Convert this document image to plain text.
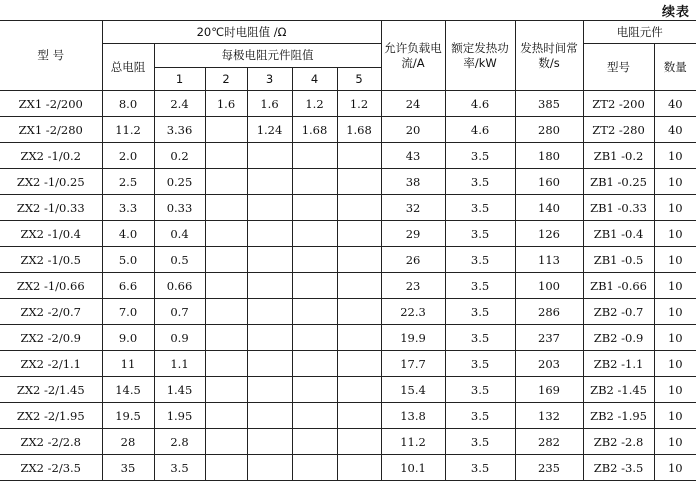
续表
型 号	20℃时电阻值 /Ω						允许负载电流/A	额定发热功率/kW	发热时间常数/s	电阻元件	
	总电阻	每极电阻元件阻值								型号	数量
		1	2	3	4	5					
ZX1 -2/200	8.0	2.4	1.6	1.6	1.2	1.2	24	4.6	385	ZT2 -200	40
ZX1 -2/280	11.2	3.36		1.24	1.68	1.68	20	4.6	280	ZT2 -280	40
ZX2 -1/0.2	2.0	0.2					43	3.5	180	ZB1 -0.2	10
ZX2 -1/0.25	2.5	0.25					38	3.5	160	ZB1 -0.25	10
ZX2 -1/0.33	3.3	0.33					32	3.5	140	ZB1 -0.33	10
ZX2 -1/0.4	4.0	0.4					29	3.5	126	ZB1 -0.4	10
ZX2 -1/0.5	5.0	0.5					26	3.5	113	ZB1 -0.5	10
ZX2 -1/0.66	6.6	0.66					23	3.5	100	ZB1 -0.66	10
ZX2 -2/0.7	7.0	0.7					22.3	3.5	286	ZB2 -0.7	10
ZX2 -2/0.9	9.0	0.9					19.9	3.5	237	ZB2 -0.9	10
ZX2 -2/1.1	11	1.1					17.7	3.5	203	ZB2 -1.1	10
ZX2 -2/1.45	14.5	1.45					15.4	3.5	169	ZB2 -1.45	10
ZX2 -2/1.95	19.5	1.95					13.8	3.5	132	ZB2 -1.95	10
ZX2 -2/2.8	28	2.8					11.2	3.5	282	ZB2 -2.8	10
ZX2 -2/3.5	35	3.5					10.1	3.5	235	ZB2 -3.5	10
